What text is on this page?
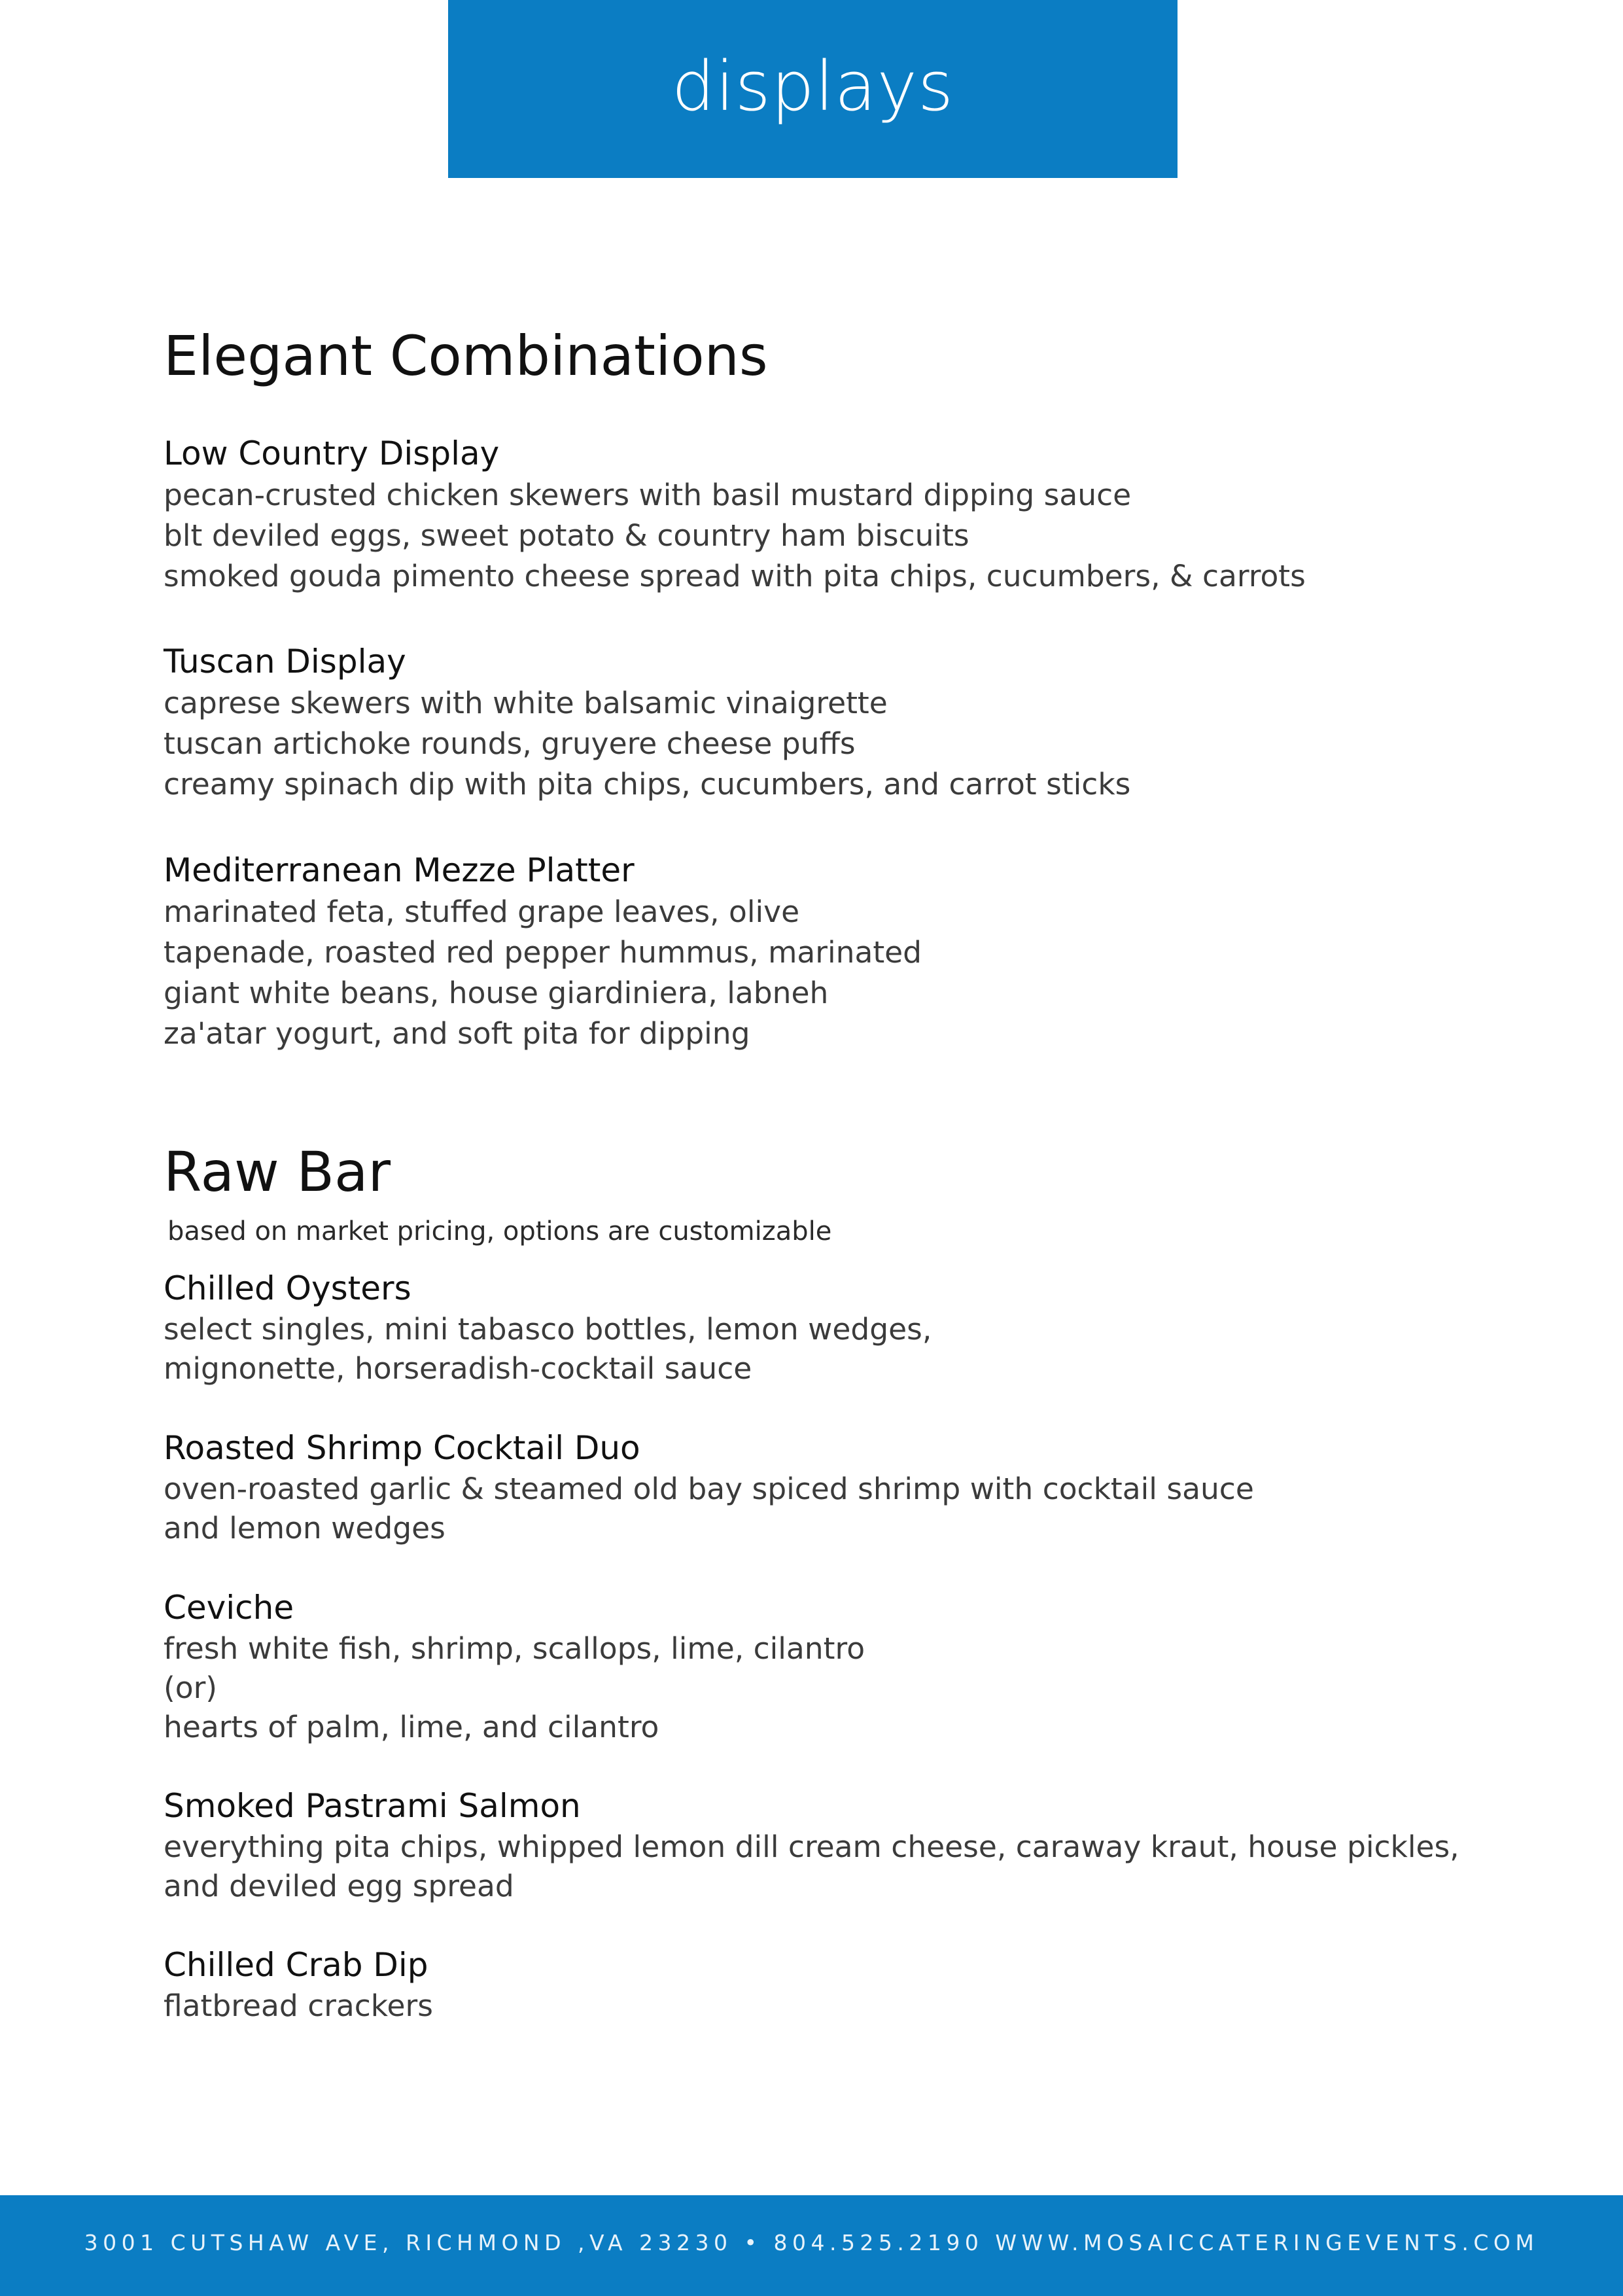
displays
Elegant Combinations
Low Country Display
pecan-crusted chicken skewers with basil mustard dipping sauce
blt deviled eggs, sweet potato & country ham biscuits
smoked gouda pimento cheese spread with pita chips, cucumbers, & carrots
Tuscan Display
caprese skewers with white balsamic vinaigrette
tuscan artichoke rounds, gruyere cheese puffs
creamy spinach dip with pita chips, cucumbers, and carrot sticks
Mediterranean Mezze Platter
marinated feta, stuffed grape leaves, olive
tapenade, roasted red pepper hummus, marinated
giant white beans, house giardiniera, labneh
za'atar yogurt, and soft pita for dipping
Raw Bar
based on market pricing, options are customizable
Chilled Oysters
select singles, mini tabasco bottles, lemon wedges,
mignonette, horseradish-cocktail sauce
Roasted Shrimp Cocktail Duo
oven-roasted garlic & steamed old bay spiced shrimp with cocktail sauce
and lemon wedges
Ceviche
fresh white fish, shrimp, scallops, lime, cilantro
(or)
hearts of palm, lime, and cilantro
Smoked Pastrami Salmon
everything pita chips, whipped lemon dill cream cheese, caraway kraut, house pickles,
and deviled egg spread
Chilled Crab Dip
flatbread crackers
3001 CUTSHAW AVE, RICHMOND ,VA 23230 • 804.525.2190 WWW.MOSAICCATERINGEVENTS.COM
